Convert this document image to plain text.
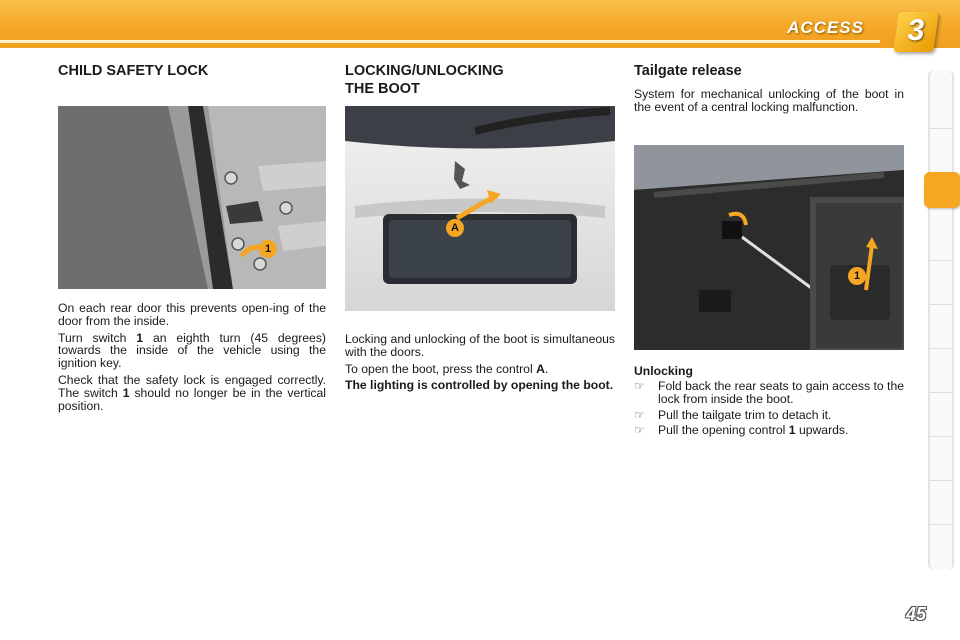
ACCESS	3
CHILD SAFETY LOCK
1

On each rear door this prevents open-ing of the door from the inside.

Turn switch 1 an eighth turn (45 degrees) towards the inside of the vehicle using the ignition key.

Check that the safety lock is engaged correctly. The switch 1 should no longer be in the vertical position.

LOCKING/UNLOCKING
THE BOOT
A

Locking and unlocking of the boot is simultaneous with the doors.

To open the boot, press the control A.

The lighting is controlled by opening the boot.

Tailgate release

System for mechanical unlocking of the boot in the event of a central locking malfunction.

1
Unlocking
☞ Fold back the rear seats to gain access to the lock from inside the boot.
☞ Pull the tailgate trim to detach it.
☞ Pull the opening control 1 upwards.
45
